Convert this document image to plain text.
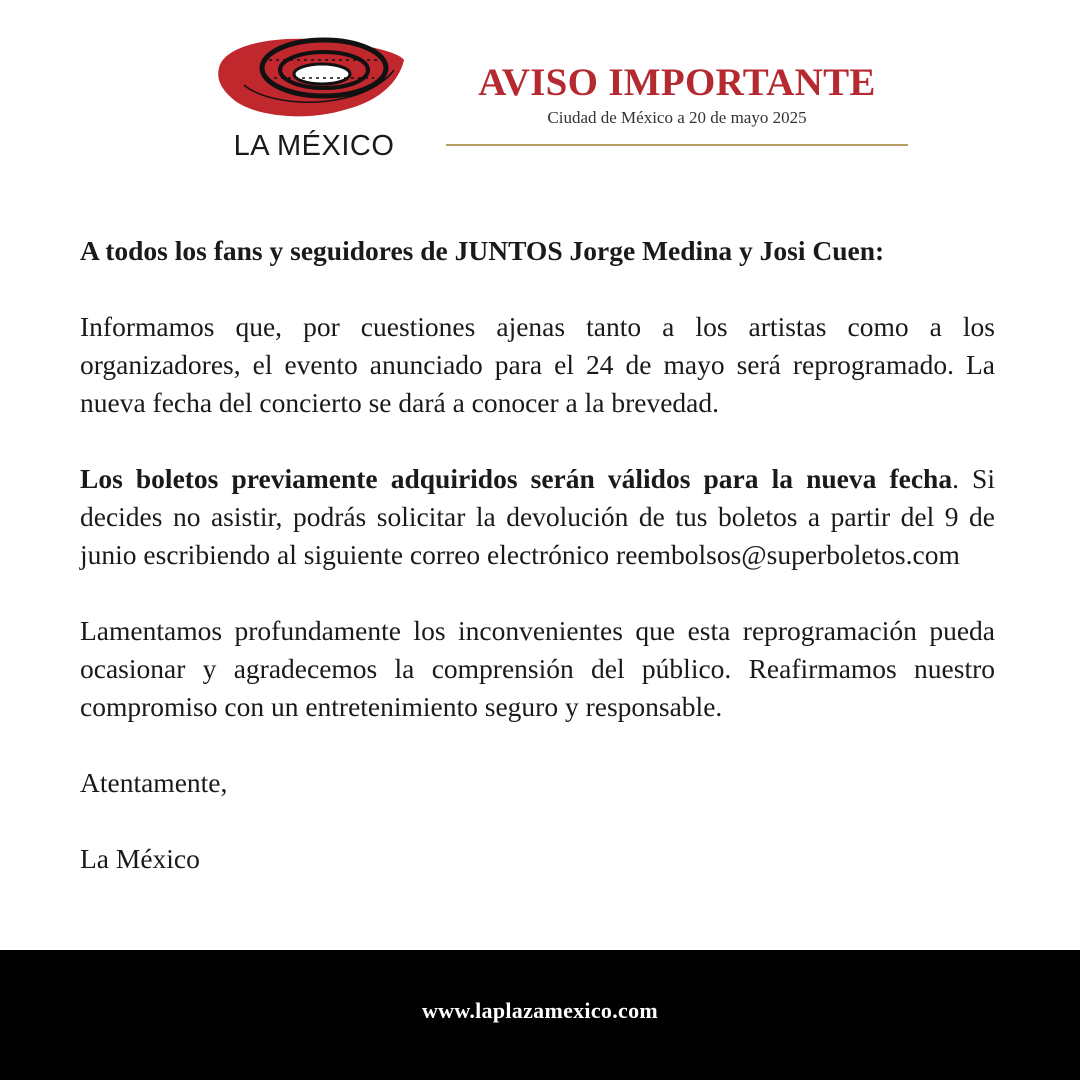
LA MÉXICO
AVISO IMPORTANTE
Ciudad de México a 20 de mayo 2025

A todos los fans y seguidores de JUNTOS Jorge Medina y Josi Cuen:

Informamos que, por cuestiones ajenas tanto a los artistas como a los organizadores, el evento anunciado para el 24 de mayo será reprogramado. La nueva fecha del concierto se dará a conocer a la brevedad.

Los boletos previamente adquiridos serán válidos para la nueva fecha. Si decides no asistir, podrás solicitar la devolución de tus boletos a partir del 9 de junio escribiendo al siguiente correo electrónico reembolsos@superboletos.com

Lamentamos profundamente los inconvenientes que esta reprogramación pueda ocasionar y agradecemos la comprensión del público. Reafirmamos nuestro compromiso con un entretenimiento seguro y responsable.

Atentamente,

La México

www.laplazamexico.com
